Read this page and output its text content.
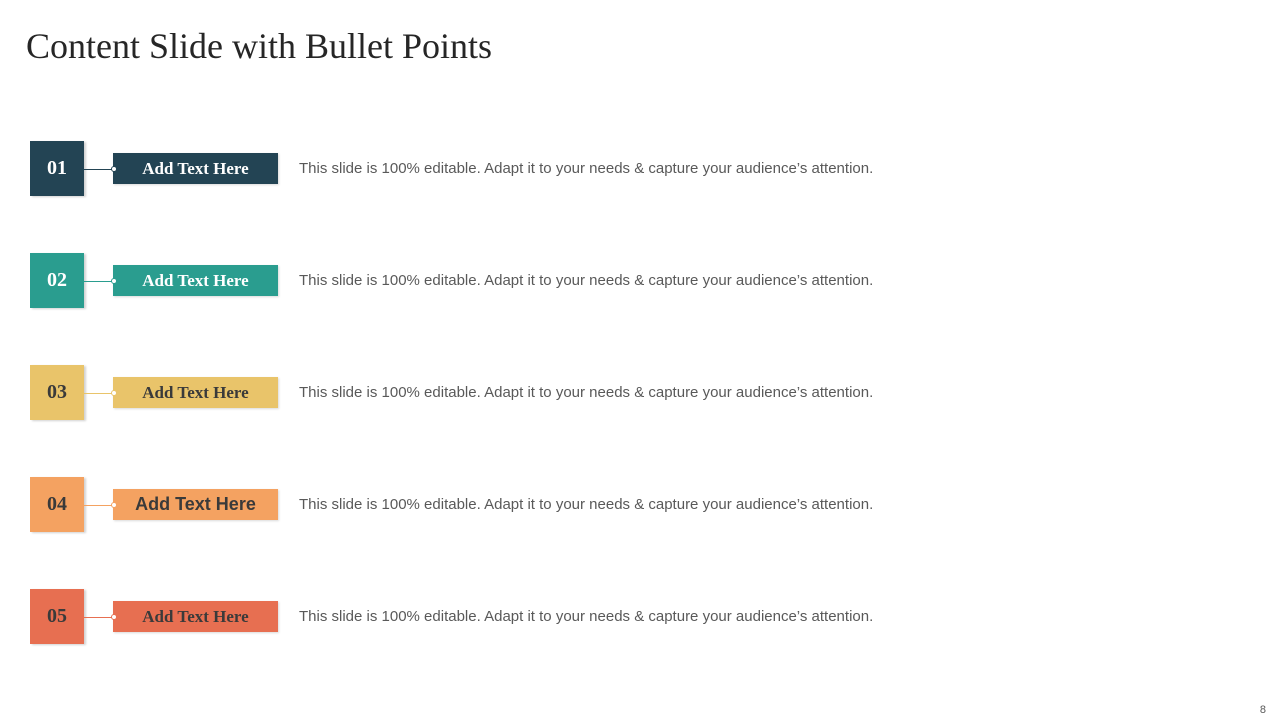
Content Slide with Bullet Points
01	Add Text Here	This slide is 100% editable. Adapt it to your needs & capture your audience’s attention.
02	Add Text Here	This slide is 100% editable. Adapt it to your needs & capture your audience’s attention.
03	Add Text Here	This slide is 100% editable. Adapt it to your needs & capture your audience’s attention.
04	Add Text Here	This slide is 100% editable. Adapt it to your needs & capture your audience’s attention.
05	Add Text Here	This slide is 100% editable. Adapt it to your needs & capture your audience’s attention.
8
